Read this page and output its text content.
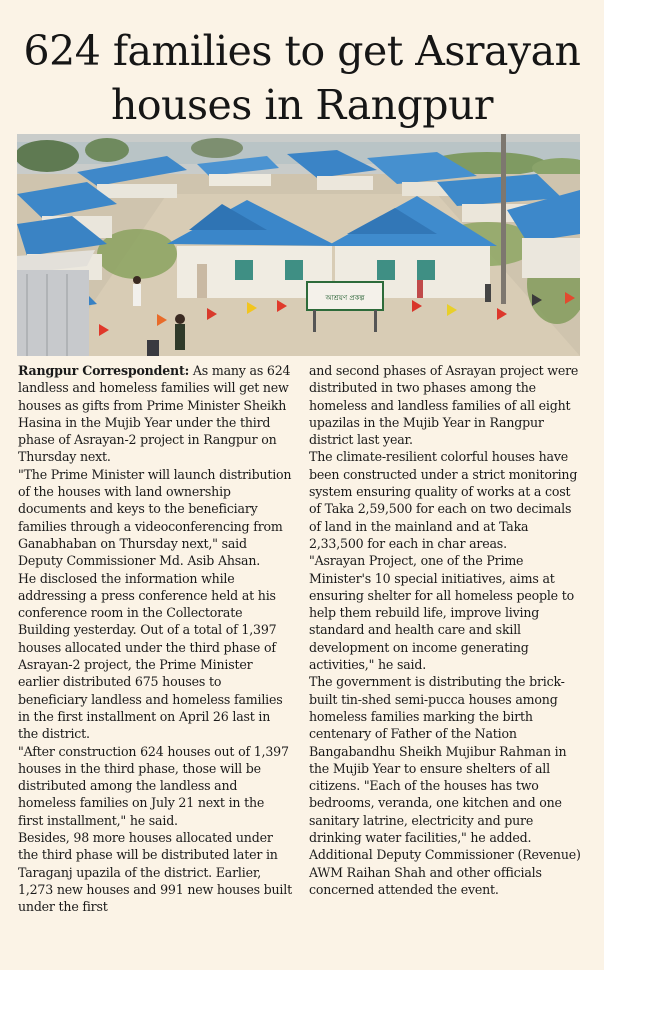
624 families to get Asrayan
houses in Rangpur
আশ্রয়ণ প্রকল্প

Rangpur Correspondent: As many as 624 landless and homeless families will get new houses as gifts from Prime Minister Sheikh Hasina in the Mujib Year under the third phase of Asrayan-2 project in Rangpur on Thursday next.

"The Prime Minister will launch distribution of the houses with land ownership documents and keys to the beneficiary families through a videoconferencing from Ganabhaban on Thursday next," said Deputy Commissioner Md. Asib Ahsan.

He disclosed the information while addressing a press conference held at his conference room in the Collectorate Building yesterday. Out of a total of 1,397 houses allocated under the third phase of Asrayan-2 project, the Prime Minister earlier distributed 675 houses to beneficiary landless and homeless families in the first installment on April 26 last in the district.

"After construction 624 houses out of 1,397 houses in the third phase, those will be distributed among the landless and homeless families on July 21 next in the first installment," he said.

Besides, 98 more houses allocated under the third phase will be distributed later in Taraganj upazila of the district. Earlier, 1,273 new houses and 991 new houses built under the first

and second phases of Asrayan project were distributed in two phases among the homeless and landless families of all eight upazilas in the Mujib Year in Rangpur district last year.

The climate-resilient colorful houses have been constructed under a strict monitoring system ensuring quality of works at a cost of Taka 2,59,500 for each on two decimals of land in the mainland and at Taka 2,33,500 for each in char areas.

"Asrayan Project, one of the Prime Minister's 10 special initiatives, aims at ensuring shelter for all homeless people to help them rebuild life, improve living standard and health care and skill development on income generating activities," he said.

The government is distributing the brick-built tin-shed semi-pucca houses among homeless families marking the birth centenary of Father of the Nation Bangabandhu Sheikh Mujibur Rahman in the Mujib Year to ensure shelters of all citizens. "Each of the houses has two bedrooms, veranda, one kitchen and one sanitary latrine, electricity and pure drinking water facilities," he added. Additional Deputy Commissioner (Revenue) AWM Raihan Shah and other officials concerned attended the event.
